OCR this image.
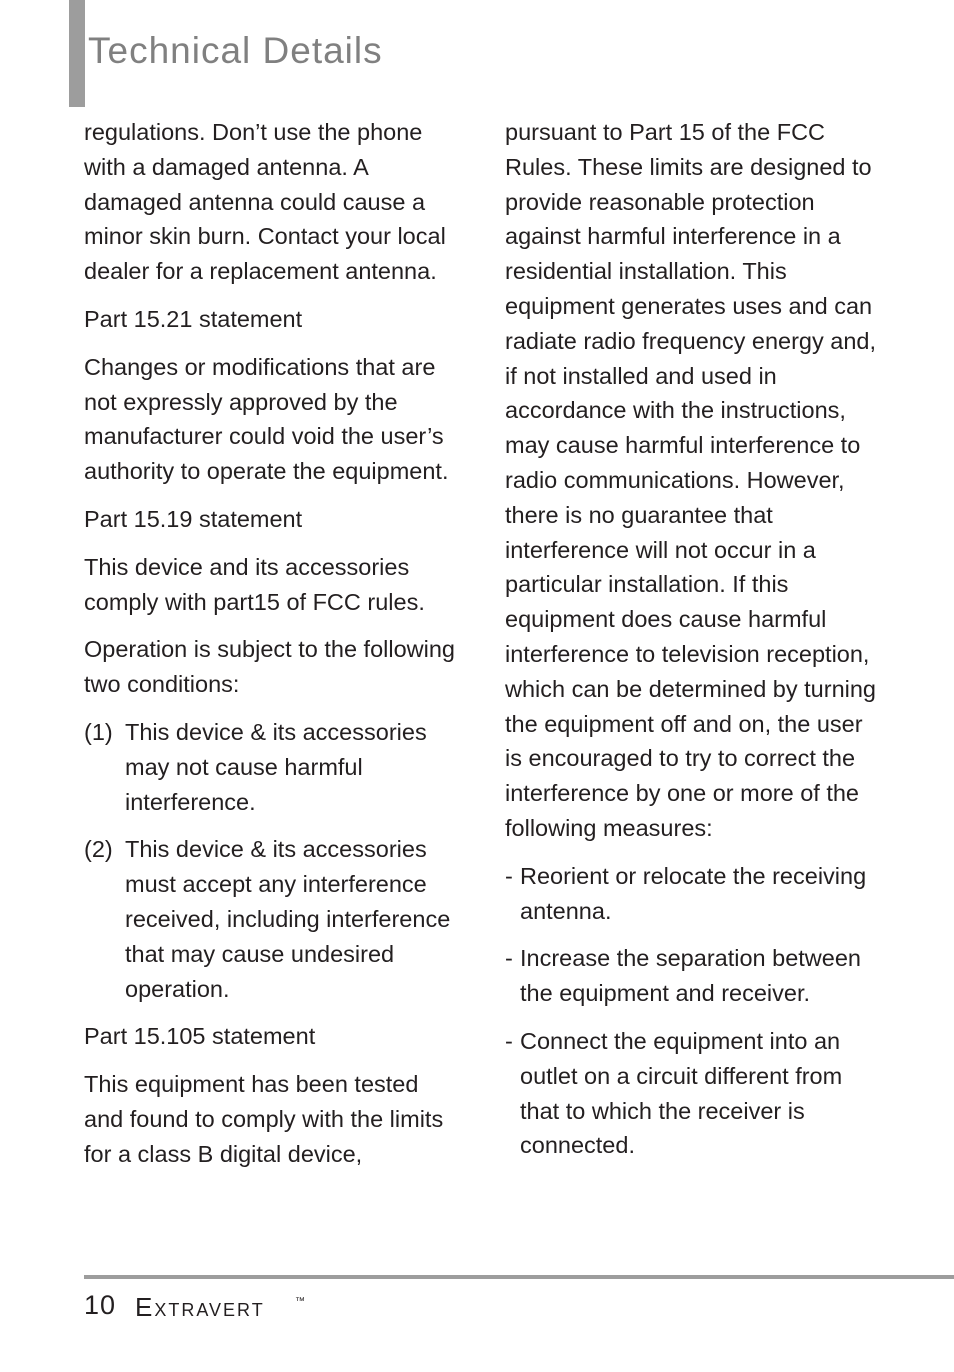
Technical Details

regulations. Don’t use the phone with a damaged antenna. A damaged antenna could cause a minor skin burn. Contact your local dealer for a replacement antenna.

Part 15.21 statement

Changes or modifications that are not expressly approved by the manufacturer could void the user’s authority to operate the equipment.

Part 15.19 statement

This device and its accessories comply with part15 of FCC rules.

Operation is subject to the following two conditions:

(1) This device & its accessories may not cause harmful interference.
(2) This device & its accessories must accept any interference received, including interference that may cause undesired operation.
Part 15.105 statement

This equipment has been tested and found to comply with the limits for a class B digital device,

pursuant to Part 15 of the FCC Rules. These limits are designed to provide reasonable protection against harmful interference in a residential installation. This equipment generates uses and can radiate radio frequency energy and, if not installed and used in accordance with the instructions, may cause harmful interference to radio communications. However, there is no guarantee that interference will not occur in a particular installation. If this equipment does cause harmful interference to television reception, which can be determined by turning the equipment off and on, the user is encouraged to try to correct the interference by one or more of the following measures:

- Reorient or relocate the receiving antenna.
- Increase the separation between the equipment and receiver.
- Connect the equipment into an outlet on a circuit different from that to which the receiver is connected.
10 Extravert	™
